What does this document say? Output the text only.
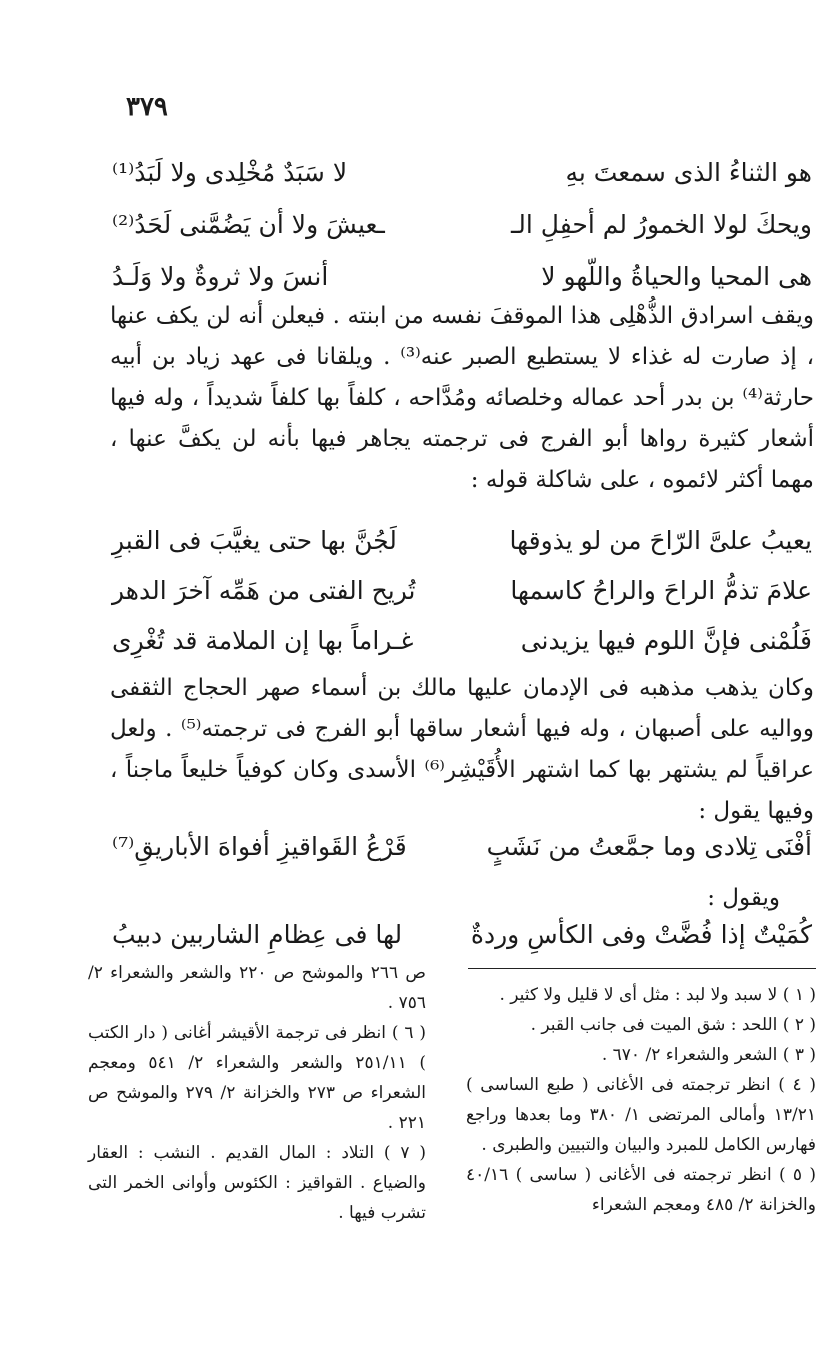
٣٧٩
هو الثناءُ الذى سمعتَ بهِ
لا سَبَدٌ مُخْلِدى ولا لَبَدُ⁽¹⁾
ويحكَ لولا الخمورُ لم أحفِلِ الـ
ـعيشَ ولا أن يَضُمَّنى لَحَدُ⁽²⁾
هى المحيا والحياةُ واللّهو لا
أنسَ ولا ثروةٌ ولا وَلَـدُ

ويقف اسرادق الذُّهْلِى هذا الموقفَ نفسه من ابنته . فيعلن أنه لن يكف عنها ، إذ صارت له غذاء لا يستطيع الصبر عنه⁽³⁾ . ويلقانا فى عهد زياد بن أبيه حارثة⁽⁴⁾ بن بدر أحد عماله وخلصائه ومُدَّاحه ، كلفاً بها كلفاً شديداً ، وله فيها أشعار كثيرة رواها أبو الفرج فى ترجمته يجاهر فيها بأنه لن يكفَّ عنها ، مهما أكثر لائموه ، على شاكلة قوله :

يعيبُ علىَّ الرّاحَ من لو يذوقها
لَجُنَّ بها حتى يغيَّبَ فى القبرِ
علامَ تذمُّ الراحَ والراحُ كاسمها
تُريح الفتى من هَمِّه آخرَ الدهر
فَلُمْنى فإنَّ اللوم فيها يزيدنى
غـراماً بها إن الملامة قد تُغْرِى

وكان يذهب مذهبه فى الإدمان عليها مالك بن أسماء صهر الحجاج الثقفى وواليه على أصبهان ، وله فيها أشعار ساقها أبو الفرج فى ترجمته⁽⁵⁾ . ولعل عراقياً لم يشتهر بها كما اشتهر الأُقَيْشِر⁽⁶⁾ الأسدى وكان كوفياً خليعاً ماجناً ، وفيها يقول :

أفْنَى تِلادى وما جمَّعتُ من نَشَبٍ
قَرْعُ القَواقيزِ أفواهَ الأباريقِ⁽⁷⁾

ويقول :

كُمَيْتٌ إذا فُضَّتْ وفى الكأسِ وردةٌ
لها فى عِظامِ الشاربين دبيبُ

( ١ ) لا سبد ولا لبد : مثل أى لا قليل ولا كثير .

( ٢ ) اللحد : شق الميت فى جانب القبر .

( ٣ ) الشعر والشعراء ٢/ ٦٧٠ .

( ٤ ) انظر ترجمته فى الأغانى ( طبع الساسى ) ١٣/٢١ وأمالى المرتضى ١/ ٣٨٠ وما بعدها وراجع فهارس الكامل للمبرد والبيان والتبيين والطبرى .

( ٥ ) انظر ترجمته فى الأغانى ( ساسى ) ٤٠/١٦ والخزانة ٢/ ٤٨٥ ومعجم الشعراء

ص ٢٦٦ والموشح ص ٢٢٠ والشعر والشعراء ٢/ ٧٥٦ .

( ٦ ) انظر فى ترجمة الأقيشر أغانى ( دار الكتب ) ٢٥١/١١ والشعر والشعراء ٢/ ٥٤١ ومعجم الشعراء ص ٢٧٣ والخزانة ٢/ ٢٧٩ والموشح ص ٢٢١ .

( ٧ ) التلاد : المال القديم . النشب : العقار والضياع . القواقيز : الكئوس وأوانى الخمر التى تشرب فيها .
